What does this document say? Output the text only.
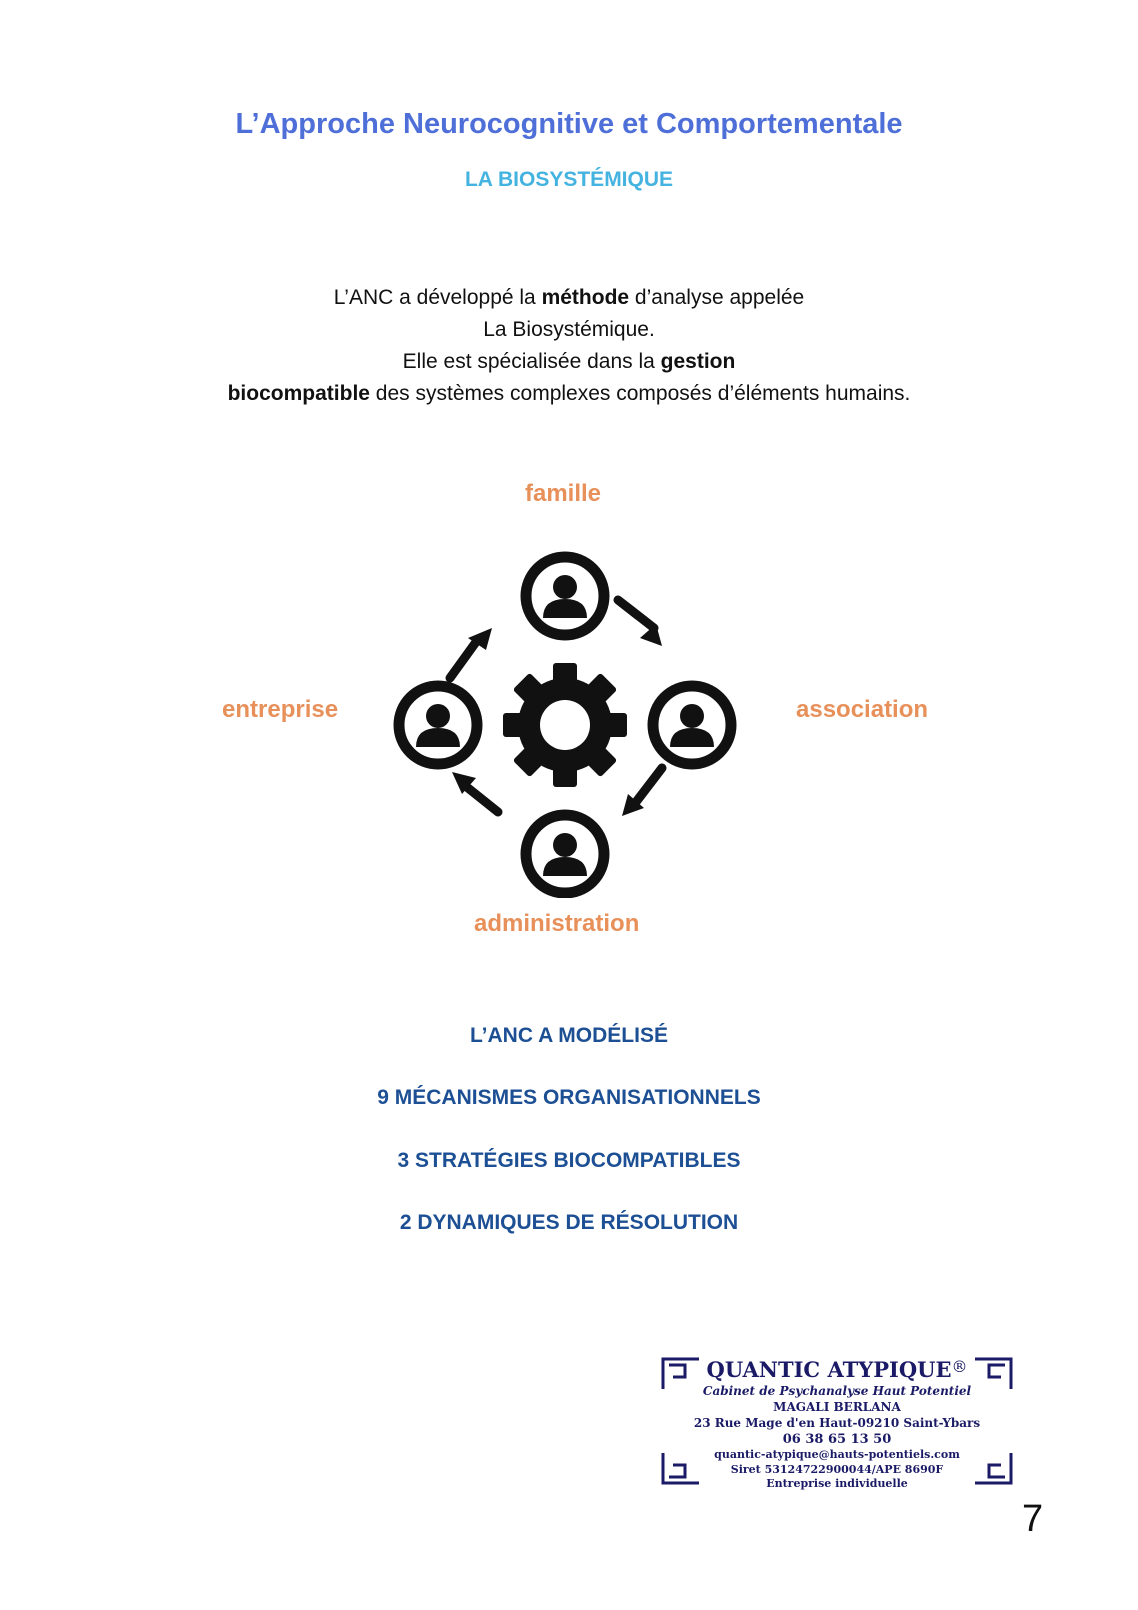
L’Approche Neurocognitive et Comportementale
LA BIOSYSTÉMIQUE

L’ANC a développé la méthode d’analyse appelée
La Biosystémique.
Elle est spécialisée dans la gestion
biocompatible des systèmes complexes composés d’éléments humains.

famille
entreprise	association
administration

L’ANC A MODÉLISÉ

9 MÉCANISMES ORGANISATIONNELS

3 STRATÉGIES BIOCOMPATIBLES

2 DYNAMIQUES DE RÉSOLUTION

QUANTIC ATYPIQUE®
Cabinet de Psychanalyse Haut Potentiel
MAGALI BERLANA
23 Rue Mage d'en Haut-09210 Saint-Ybars
06 38 65 13 50
quantic-atypique@hauts-potentiels.com
Siret 53124722900044/APE 8690F
Entreprise individuelle
7
